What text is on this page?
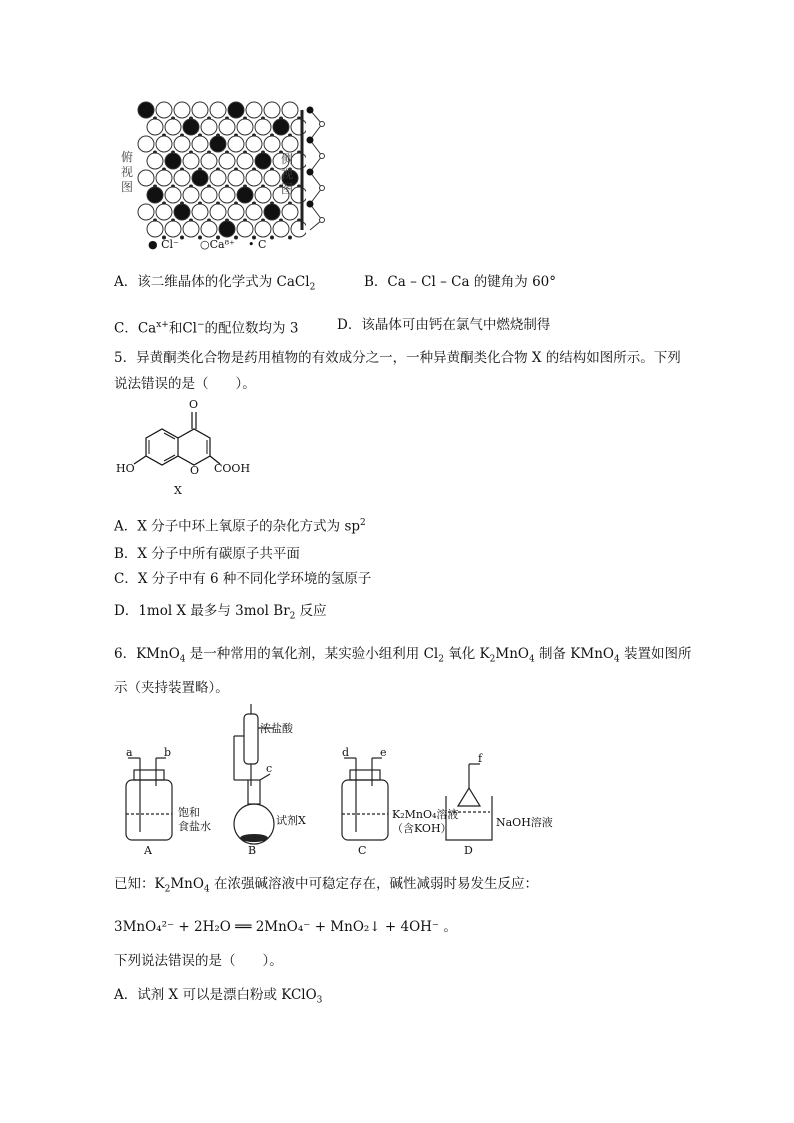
俯视图
● Cl⁻ ○Ca⁸⁺ • C
侧视图
A．该二维晶体的化学式为 CaCl$_2$	B．Ca – Cl – Ca 的键角为 60°
C．$Ca^{x+}$和Cl−的配位数均为 3	D．该晶体可由钙在氯气中燃烧制得
5．异黄酮类化合物是药用植物的有效成分之一，一种异黄酮类化合物 X 的结构如图所示。下列
说法错误的是（　　）。
O
HO	O COOH
X
A．X 分子中环上氧原子的杂化方式为 $sp^2$
B．X 分子中所有碳原子共平面
C．X 分子中有 6 种不同化学环境的氢原子
D．1mol X 最多与 3mol $Br_2$ 反应
6．KMnO$_4$ 是一种常用的氧化剂，某实验小组利用 $Cl_2$ 氧化 $K_2MnO_4$ 制备 KMnO$_4$ 装置如图所
示（夹持装置略）。
a	b
c
d	e	f
A	B	C	D
饱和
食盐水
浓盐酸
试剂X	K₂MnO₄溶液
（含KOH）	NaOH溶液
已知：$K_2MnO_4$ 在浓强碱溶液中可稳定存在，碱性减弱时易发生反应：
3MnO₄²⁻ + 2H₂O ══ 2MnO₄⁻ + MnO₂↓ + 4OH⁻ 。
下列说法错误的是（　　）。
A．试剂 X 可以是漂白粉或 KClO$_3$
